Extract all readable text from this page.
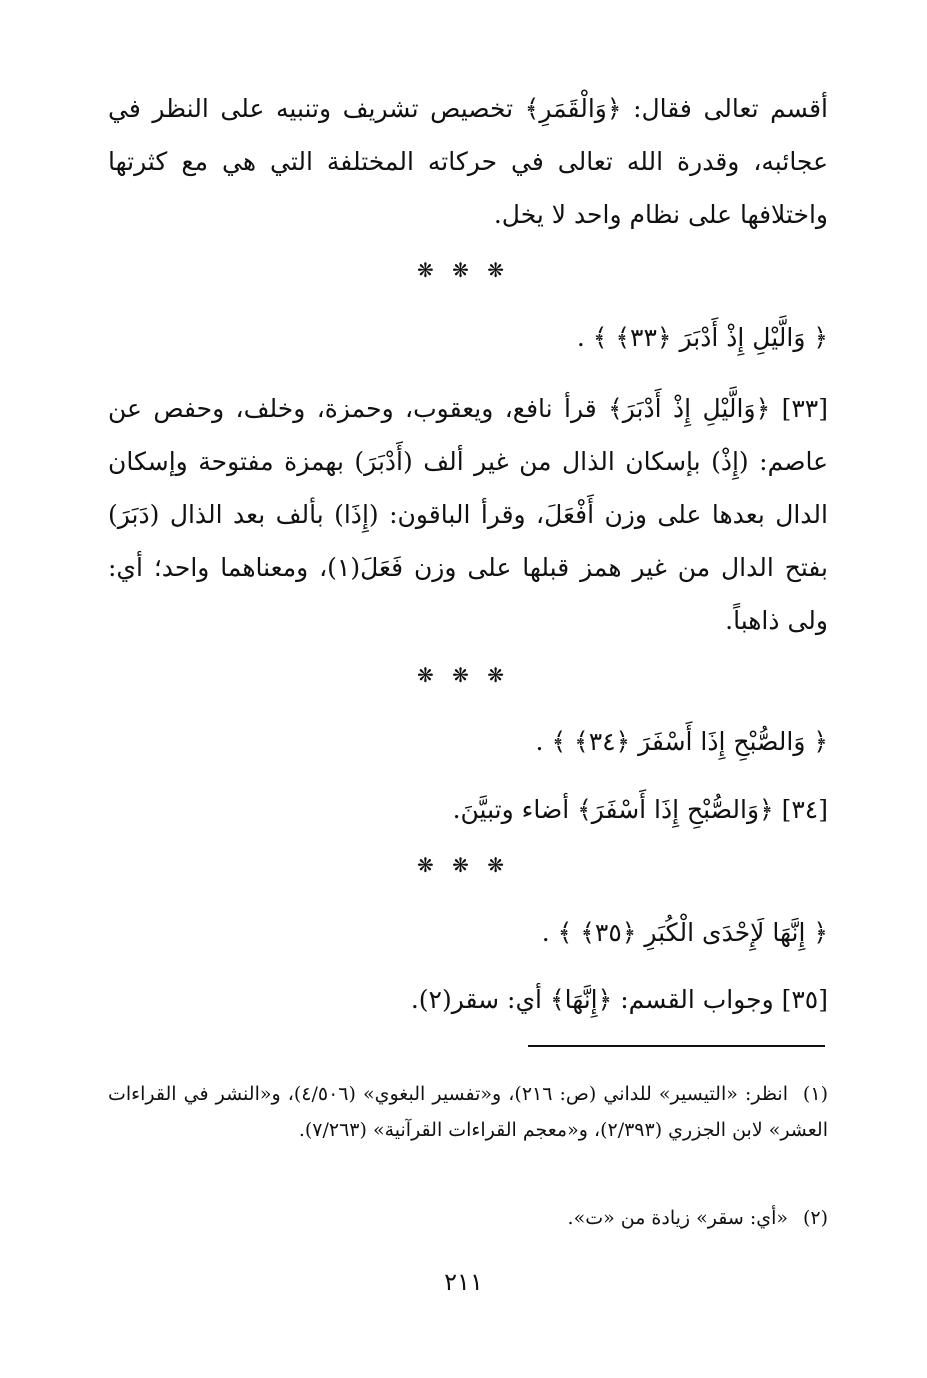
أقسم تعالى فقال: ﴿وَالْقَمَرِ﴾ تخصيص تشريف وتنبيه على النظر في عجائبه، وقدرة الله تعالى في حركاته المختلفة التي هي مع كثرتها واختلافها على نظام واحد لا يخل.
❋ ❋ ❋
﴿ وَالَّيْلِ إِذْ أَدْبَرَ ﴿٣٣﴾ ﴾ .
[٣٣] ﴿وَالَّيْلِ إِذْ أَدْبَرَ﴾ قرأ نافع، ويعقوب، وحمزة، وخلف، وحفص عن عاصم: (إِذْ) بإسكان الذال من غير ألف (أَدْبَرَ) بهمزة مفتوحة وإسكان الدال بعدها على وزن أَفْعَلَ، وقرأ الباقون: (إِذَا) بألف بعد الذال (دَبَرَ) بفتح الدال من غير همز قبلها على وزن فَعَلَ(١)، ومعناهما واحد؛ أي: ولى ذاهباً.
❋ ❋ ❋
﴿ وَالصُّبْحِ إِذَا أَسْفَرَ ﴿٣٤﴾ ﴾ .
[٣٤] ﴿وَالصُّبْحِ إِذَا أَسْفَرَ﴾ أضاء وتبيَّنَ.
❋ ❋ ❋
﴿ إِنَّهَا لَإِحْدَى الْكُبَرِ ﴿٣٥﴾ ﴾ .
[٣٥] وجواب القسم: ﴿إِنَّهَا﴾ أي: سقر(٢).
(١)انظر: «التيسير» للداني (ص: ٢١٦)، و«تفسير البغوي» (٤/٥٠٦)، و«النشر في القراءات العشر» لابن الجزري (٢/٣٩٣)، و«معجم القراءات القرآنية» (٧/٢٦٣).
(٢)«أي: سقر» زيادة من «ت».
٢١١
